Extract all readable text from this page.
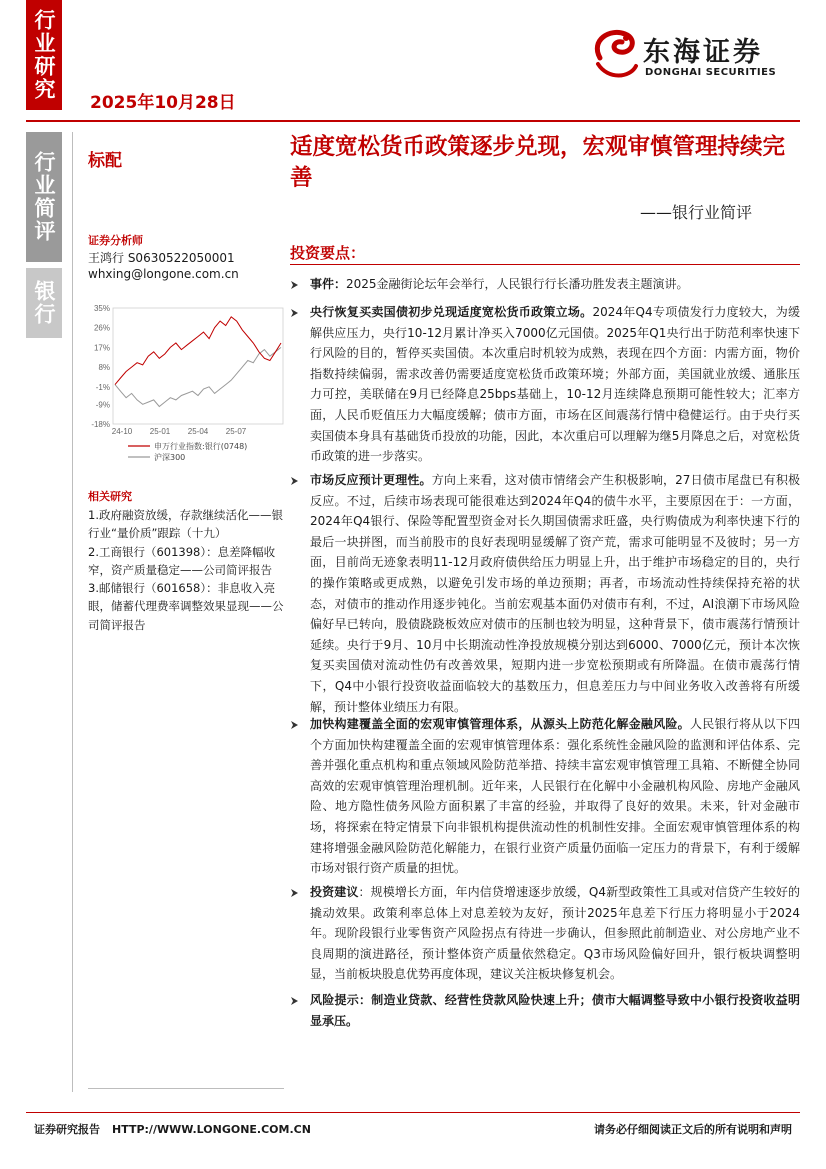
行业研究
行业简评
银行
2025年10月28日
东海证券
DONGHAI SECURITIES
标配
证券分析师
王鸿行 S0630522050001
whxing@longone.com.cn
35%
26%
17%
8%
-1%
-9%
-18%
24-10 25-01 25-04 25-07
申万行业指数:银行(0748)
沪深300
相关研究
1.政府融资放缓，存款继续活化——银行业“量价质”跟踪（十九）
2.工商银行（601398）：息差降幅收窄，资产质量稳定——公司简评报告
3.邮储银行（601658）：非息收入亮眼，储蓄代理费率调整效果显现——公司简评报告
适度宽松货币政策逐步兑现，宏观审慎管理持续完善
——银行业简评
投资要点：
事件：2025金融街论坛年会举行，人民银行行长潘功胜发表主题演讲。
央行恢复买卖国债初步兑现适度宽松货币政策立场。2024年Q4专项债发行力度较大，为缓解供应压力，央行10-12月累计净买入7000亿元国债。2025年Q1央行出于防范利率快速下行风险的目的，暂停买卖国债。本次重启时机较为成熟，表现在四个方面：内需方面，物价指数持续偏弱，需求改善仍需要适度宽松货币政策环境；外部方面，美国就业放缓、通胀压力可控，美联储在9月已经降息25bps基础上，10-12月连续降息预期可能性较大；汇率方面，人民币贬值压力大幅度缓解；债市方面，市场在区间震荡行情中稳健运行。由于央行买卖国债本身具有基础货币投放的功能，因此，本次重启可以理解为继5月降息之后，对宽松货币政策的进一步落实。
市场反应预计更理性。方向上来看，这对债市情绪会产生积极影响，27日债市尾盘已有积极反应。不过，后续市场表现可能很难达到2024年Q4的债牛水平，主要原因在于：一方面，2024年Q4银行、保险等配置型资金对长久期国债需求旺盛，央行购债成为利率快速下行的最后一块拼图，而当前股市的良好表现明显缓解了资产荒，需求可能明显不及彼时；另一方面，目前尚无迹象表明11-12月政府债供给压力明显上升，出于维护市场稳定的目的，央行的操作策略或更成熟，以避免引发市场的单边预期；再者，市场流动性持续保持充裕的状态，对债市的推动作用逐步钝化。当前宏观基本面仍对债市有利，不过，AI浪潮下市场风险偏好早已转向，股债跷跷板效应对债市的压制也较为明显，这种背景下，债市震荡行情预计延续。央行于9月、10月中长期流动性净投放规模分别达到6000、7000亿元，预计本次恢复买卖国债对流动性仍有改善效果，短期内进一步宽松预期或有所降温。在债市震荡行情下，Q4中小银行投资收益面临较大的基数压力，但息差压力与中间业务收入改善将有所缓解，预计整体业绩压力有限。
加快构建覆盖全面的宏观审慎管理体系，从源头上防范化解金融风险。人民银行将从以下四个方面加快构建覆盖全面的宏观审慎管理体系：强化系统性金融风险的监测和评估体系、完善并强化重点机构和重点领域风险防范举措、持续丰富宏观审慎管理工具箱、不断健全协同高效的宏观审慎管理治理机制。近年来，人民银行在化解中小金融机构风险、房地产金融风险、地方隐性债务风险方面积累了丰富的经验，并取得了良好的效果。未来，针对金融市场，将探索在特定情景下向非银机构提供流动性的机制性安排。全面宏观审慎管理体系的构建将增强金融风险防范化解能力，在银行业资产质量仍面临一定压力的背景下，有利于缓解市场对银行资产质量的担忧。
投资建议：规模增长方面，年内信贷增速逐步放缓，Q4新型政策性工具或对信贷产生较好的撬动效果。政策利率总体上对息差较为友好，预计2025年息差下行压力将明显小于2024年。现阶段银行业零售资产风险拐点有待进一步确认，但参照此前制造业、对公房地产业不良周期的演进路径，预计整体资产质量依然稳定。Q3市场风险偏好回升，银行板块调整明显，当前板块股息优势再度体现，建议关注板块修复机会。
风险提示：制造业贷款、经营性贷款风险快速上升；债市大幅调整导致中小银行投资收益明显承压。
证券研究报告 HTTP://WWW.LONGONE.COM.CN	请务必仔细阅读正文后的所有说明和声明
